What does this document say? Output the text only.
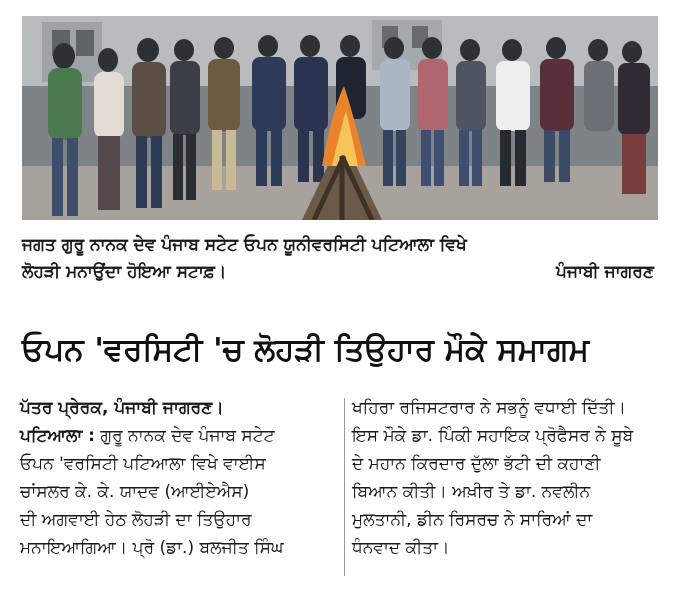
ਜਗਤ ਗੁਰੂ ਨਾਨਕ ਦੇਵ ਪੰਜਾਬ ਸਟੇਟ ਓਪਨ ਯੂਨੀਵਰਸਿਟੀ ਪਟਿਆਲਾ ਵਿਖੇ
ਲੋਹੜੀ ਮਨਾਉਂਦਾ ਹੋਇਆ ਸਟਾਫ਼।	ਪੰਜਾਬੀ ਜਾਗਰਣ
ਓਪਨ 'ਵਰਸਿਟੀ 'ਚ ਲੋਹੜੀ ਤਿਉਹਾਰ ਮੌਕੇ ਸਮਾਗਮ
ਪੱਤਰ ਪ੍ਰੇਰਕ, ਪੰਜਾਬੀ ਜਾਗਰਣ।
ਪਟਿਆਲਾ : ਗੁਰੂ ਨਾਨਕ ਦੇਵ ਪੰਜਾਬ ਸਟੇਟ
ਓਪਨ 'ਵਰਸਿਟੀ ਪਟਿਆਲਾ ਵਿਖੇ ਵਾਈਸ
ਚਾਂਸਲਰ ਕੇ. ਕੇ. ਯਾਦਵ (ਆਈਏਐਸ)
ਦੀ ਅਗਵਾਈ ਹੇਠ ਲੋਹੜੀ ਦਾ ਤਿਉਹਾਰ
ਮਨਾਇਆਗਿਆ। ਪ੍ਰੋ (ਡਾ.) ਬਲਜੀਤ ਸਿੰਘ
ਖਹਿਰਾ ਰਜਿਸਟਰਾਰ ਨੇ ਸਭਨੂੰ ਵਧਾਈ ਦਿੱਤੀ।
ਇਸ ਮੌਕੇ ਡਾ. ਪਿੰਕੀ ਸਹਾਇਕ ਪ੍ਰੋਫੈਸਰ ਨੇ ਸੂਬੇ
ਦੇ ਮਹਾਨ ਕਿਰਦਾਰ ਦੁੱਲਾ ਭੱਟੀ ਦੀ ਕਹਾਣੀ
ਬਿਆਨ ਕੀਤੀ। ਅਖ਼ੀਰ ਤੇ ਡਾ. ਨਵਲੀਨ
ਮੁਲਤਾਨੀ, ਡੀਨ ਰਿਸਰਚ ਨੇ ਸਾਰਿਆਂ ਦਾ
ਧੰਨਵਾਦ ਕੀਤਾ।
